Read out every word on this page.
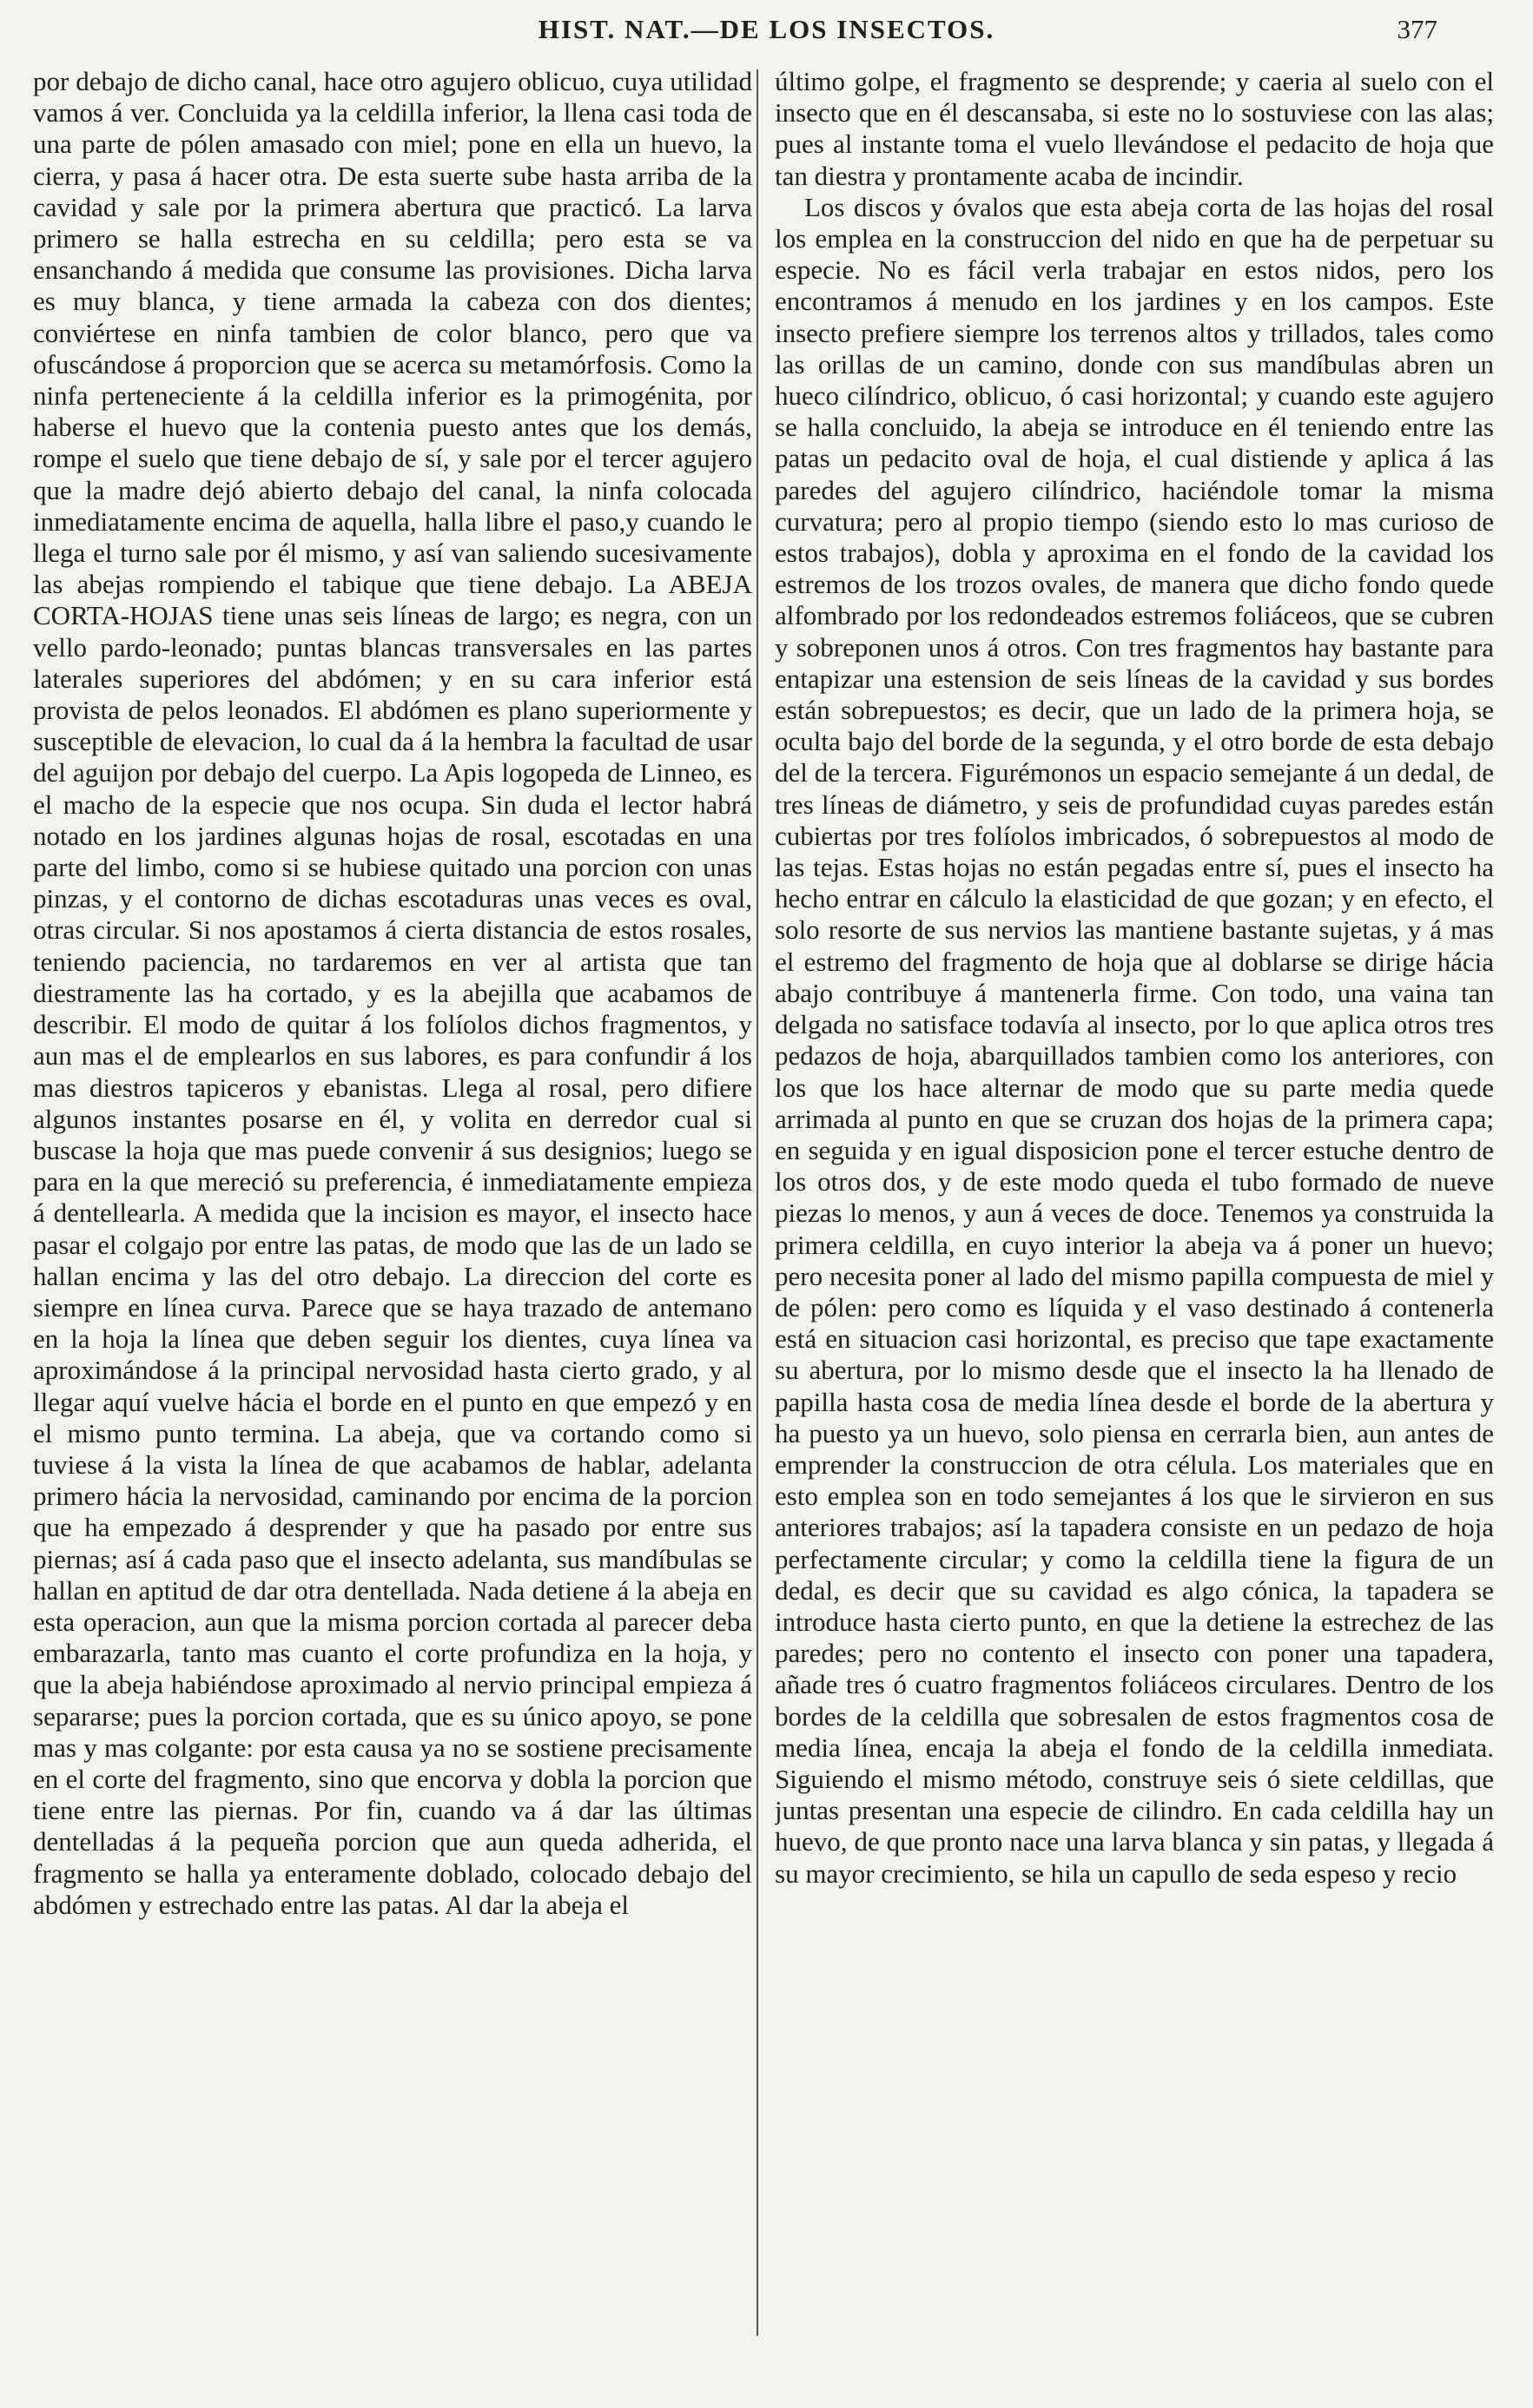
HIST. NAT.—DE LOS INSECTOS.	377

por debajo de dicho canal, hace otro agujero oblicuo, cuya utilidad vamos á ver. Concluida ya la celdilla inferior, la llena casi toda de una parte de pólen amasado con miel; pone en ella un huevo, la cierra, y pasa á hacer otra. De esta suerte sube hasta arriba de la cavidad y sale por la primera abertura que practicó. La larva primero se halla estrecha en su celdilla; pero esta se va ensanchando á medida que consume las provisiones. Dicha larva es muy blanca, y tiene armada la cabeza con dos dientes; conviértese en ninfa tambien de color blanco, pero que va ofuscándose á proporcion que se acerca su metamórfosis. Como la ninfa perteneciente á la celdilla inferior es la primogénita, por haberse el huevo que la contenia puesto antes que los demás, rompe el suelo que tiene debajo de sí, y sale por el tercer agujero que la madre dejó abierto debajo del canal, la ninfa colocada inmediatamente encima de aquella, halla libre el paso,y cuando le llega el turno sale por él mismo, y así van saliendo sucesivamente las abejas rompiendo el tabique que tiene debajo. La ABEJA CORTA-HOJAS tiene unas seis líneas de largo; es negra, con un vello pardo-leonado; puntas blancas transversales en las partes laterales superiores del abdómen; y en su cara inferior está provista de pelos leonados. El abdómen es plano superiormente y susceptible de elevacion, lo cual da á la hembra la facultad de usar del aguijon por debajo del cuerpo. La Apis logopeda de Linneo, es el macho de la especie que nos ocupa. Sin duda el lector habrá notado en los jardines algunas hojas de rosal, escotadas en una parte del limbo, como si se hubiese quitado una porcion con unas pinzas, y el contorno de dichas escotaduras unas veces es oval, otras circular. Si nos apostamos á cierta distancia de estos rosales, teniendo paciencia, no tardaremos en ver al artista que tan diestramente las ha cortado, y es la abejilla que acabamos de describir. El modo de quitar á los folíolos dichos fragmentos, y aun mas el de emplearlos en sus labores, es para confundir á los mas diestros tapiceros y ebanistas. Llega al rosal, pero difiere algunos instantes posarse en él, y volita en derredor cual si buscase la hoja que mas puede convenir á sus designios; luego se para en la que mereció su preferencia, é inmediatamente empieza á dentellearla. A medida que la incision es mayor, el insecto hace pasar el colgajo por entre las patas, de modo que las de un lado se hallan encima y las del otro debajo. La direccion del corte es siempre en línea curva. Parece que se haya trazado de antemano en la hoja la línea que deben seguir los dientes, cuya línea va aproximándose á la principal nervosidad hasta cierto grado, y al llegar aquí vuelve hácia el borde en el punto en que empezó y en el mismo punto termina. La abeja, que va cortando como si tuviese á la vista la línea de que acabamos de hablar, adelanta primero hácia la nervosidad, caminando por encima de la porcion que ha empezado á desprender y que ha pasado por entre sus piernas; así á cada paso que el insecto adelanta, sus mandíbulas se hallan en aptitud de dar otra dentellada. Nada detiene á la abeja en esta operacion, aun que la misma porcion cortada al parecer deba embarazarla, tanto mas cuanto el corte profundiza en la hoja, y que la abeja habiéndose aproximado al nervio principal empieza á separarse; pues la porcion cortada, que es su único apoyo, se pone mas y mas colgante: por esta causa ya no se sostiene precisamente en el corte del fragmento, sino que encorva y dobla la porcion que tiene entre las piernas. Por fin, cuando va á dar las últimas dentelladas á la pequeña porcion que aun queda adherida, el fragmento se halla ya enteramente doblado, colocado debajo del abdómen y estrechado entre las patas. Al dar la abeja el

último golpe, el fragmento se desprende; y caeria al suelo con el insecto que en él descansaba, si este no lo sostuviese con las alas; pues al instante toma el vuelo llevándose el pedacito de hoja que tan diestra y prontamente acaba de incindir.

Los discos y óvalos que esta abeja corta de las hojas del rosal los emplea en la construccion del nido en que ha de perpetuar su especie. No es fácil verla trabajar en estos nidos, pero los encontramos á menudo en los jardines y en los campos. Este insecto prefiere siempre los terrenos altos y trillados, tales como las orillas de un camino, donde con sus mandíbulas abren un hueco cilíndrico, oblicuo, ó casi horizontal; y cuando este agujero se halla concluido, la abeja se introduce en él teniendo entre las patas un pedacito oval de hoja, el cual distiende y aplica á las paredes del agujero cilíndrico, haciéndole tomar la misma curvatura; pero al propio tiempo (siendo esto lo mas curioso de estos trabajos), dobla y aproxima en el fondo de la cavidad los estremos de los trozos ovales, de manera que dicho fondo quede alfombrado por los redondeados estremos foliáceos, que se cubren y sobreponen unos á otros. Con tres fragmentos hay bastante para entapizar una estension de seis líneas de la cavidad y sus bordes están sobrepuestos; es decir, que un lado de la primera hoja, se oculta bajo del borde de la segunda, y el otro borde de esta debajo del de la tercera. Figurémonos un espacio semejante á un dedal, de tres líneas de diámetro, y seis de profundidad cuyas paredes están cubiertas por tres folíolos imbricados, ó sobrepuestos al modo de las tejas. Estas hojas no están pegadas entre sí, pues el insecto ha hecho entrar en cálculo la elasticidad de que gozan; y en efecto, el solo resorte de sus nervios las mantiene bastante sujetas, y á mas el estremo del fragmento de hoja que al doblarse se dirige hácia abajo contribuye á mantenerla firme. Con todo, una vaina tan delgada no satisface todavía al insecto, por lo que aplica otros tres pedazos de hoja, abarquillados tambien como los anteriores, con los que los hace alternar de modo que su parte media quede arrimada al punto en que se cruzan dos hojas de la primera capa; en seguida y en igual disposicion pone el tercer estuche dentro de los otros dos, y de este modo queda el tubo formado de nueve piezas lo menos, y aun á veces de doce. Tenemos ya construida la primera celdilla, en cuyo interior la abeja va á poner un huevo; pero necesita poner al lado del mismo papilla compuesta de miel y de pólen: pero como es líquida y el vaso destinado á contenerla está en situacion casi horizontal, es preciso que tape exactamente su abertura, por lo mismo desde que el insecto la ha llenado de papilla hasta cosa de media línea desde el borde de la abertura y ha puesto ya un huevo, solo piensa en cerrarla bien, aun antes de emprender la construccion de otra célula. Los materiales que en esto emplea son en todo semejantes á los que le sirvieron en sus anteriores trabajos; así la tapadera consiste en un pedazo de hoja perfectamente circular; y como la celdilla tiene la figura de un dedal, es decir que su cavidad es algo cónica, la tapadera se introduce hasta cierto punto, en que la detiene la estrechez de las paredes; pero no contento el insecto con poner una tapadera, añade tres ó cuatro fragmentos foliáceos circulares. Dentro de los bordes de la celdilla que sobresalen de estos fragmentos cosa de media línea, encaja la abeja el fondo de la celdilla inmediata. Siguiendo el mismo método, construye seis ó siete celdillas, que juntas presentan una especie de cilindro. En cada celdilla hay un huevo, de que pronto nace una larva blanca y sin patas, y llegada á su mayor crecimiento, se hila un capullo de seda espeso y recio
